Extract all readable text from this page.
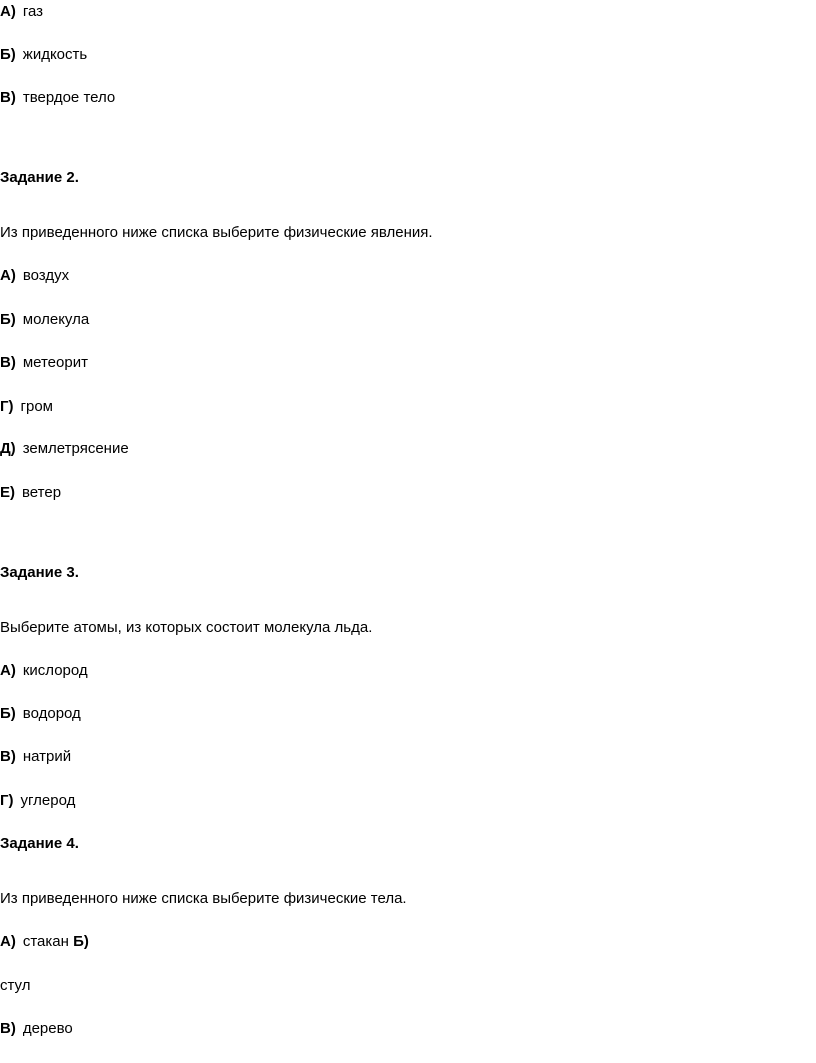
А) газ
Б) жидкость
В) твердое тело
Задание 2.
Из приведенного ниже списка выберите физические явления.
А) воздух
Б) молекула
В) метеорит
Г) гром
Д) землетрясение
Е) ветер
Задание 3.
Выберите атомы, из которых состоит молекула льда.
А) кислород
Б) водород
В) натрий
Г) углерод
Задание 4.
Из приведенного ниже списка выберите физические тела.
А) стакан Б)
стул
В) дерево
